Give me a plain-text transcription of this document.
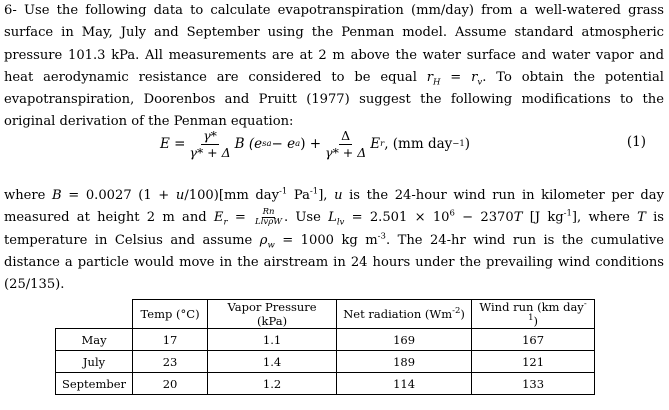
6- Use the following data to calculate evapotranspiration (mm/day) from a well-watered grass surface in May, July and September using the Penman model. Assume standard atmospheric pressure 101.3 kPa. All measurements are at 2 m above the water surface and water vapor and heat aerodynamic resistance are considered to be equal $r_H = r_v$. To obtain the potential evapotranspiration, Doorenbos and Pruitt (1977) suggest the following modifications to the original derivation of the Penman equation:

$E = \frac{\gamma*}{\gamma* + \Delta}$ B (e sa − e a ) + $\frac{\Delta}{\gamma* + \Delta}$ E r , (mm day −1 )	(1)

where B = 0.0027 (1 + u/100)[mm day$^{-1}$ $Pa^{-1}$], u is the 24-hour wind run in kilometer per day measured at height 2 m and $E_r = Rn$
LlvρW . Use $L_{lv} = 2.501 \times 10^6 - 2370T$ [J $kg^{-1}$], where T is temperature in Celsius and assume $\rho_w = 1000$ kg $m^{-3}$. The 24-hr wind run is the cumulative distance a particle would move in the airstream in 24 hours under the prevailing wind conditions (25/135).

	Temp (°C)	Vapor Pressure (kPa)	Net radiation $(Wm^{-2})$	Wind run (km day$^{-1}$)
May	17	1.1	169	167
July	23	1.4	189	121
September	20	1.2	114	133
